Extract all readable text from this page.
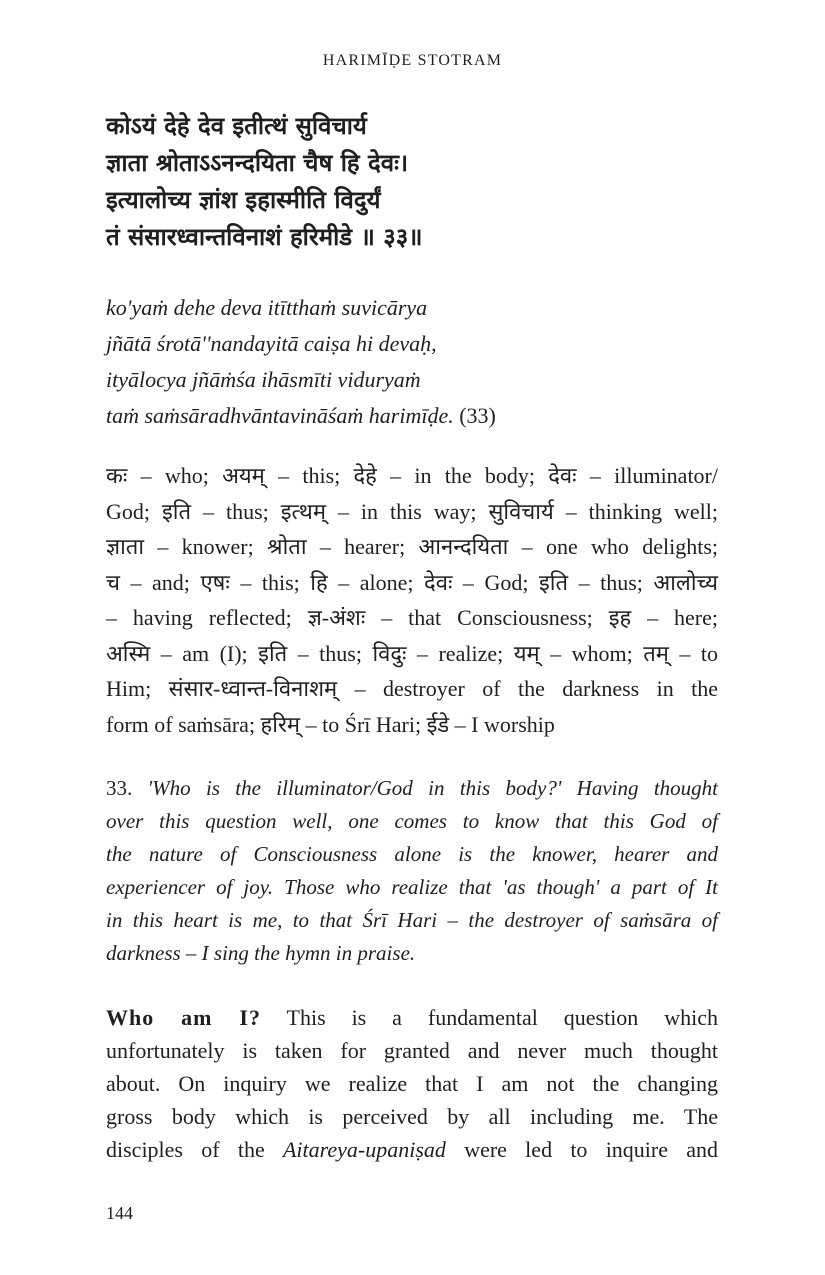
HARIMĪḌE STOTRAM
कोऽयं देहे देव इतीत्थं सुविचार्य
ज्ञाता श्रोताऽऽनन्दयिता चैष हि देवः।
इत्यालोच्य ज्ञांश इहास्मीति विदुर्यं
तं संसारध्वान्तविनाशं हरिमीडे ॥ ३३॥
ko'yaṁ dehe deva itītthaṁ suvicārya
jñātā śrotā''nandayitā caiṣa hi devaḥ,
ityālocya jñāṁśa ihāsmīti viduryaṁ
taṁ saṁsāradhvāntavināśaṁ harimīḍe. (33)
कः – who; अयम् – this; देहे – in the body; देवः – illuminator/
God; इति – thus; इत्थम् – in this way; सुविचार्य – thinking well;
ज्ञाता – knower; श्रोता – hearer; आनन्दयिता – one who delights;
च – and; एषः – this; हि – alone; देवः – God; इति – thus; आलोच्य
– having reflected; ज्ञ-अंशः – that Consciousness; इह – here;
अस्मि – am (I); इति – thus; विदुः – realize; यम् – whom; तम् – to
Him; संसार-ध्वान्त-विनाशम् – destroyer of the darkness in the
form of saṁsāra; हरिम् – to Śrī Hari; ईडे – I worship
33. 'Who is the illuminator/God in this body?' Having thought
over this question well, one comes to know that this God of
the nature of Consciousness alone is the knower, hearer and
experiencer of joy. Those who realize that 'as though' a part of It
in this heart is me, to that Śrī Hari – the destroyer of saṁsāra of
darkness – I sing the hymn in praise.
Who am I? This is a fundamental question which
unfortunately is taken for granted and never much thought
about. On inquiry we realize that I am not the changing
gross body which is perceived by all including me. The
disciples of the Aitareya-upaniṣad were led to inquire and
144
